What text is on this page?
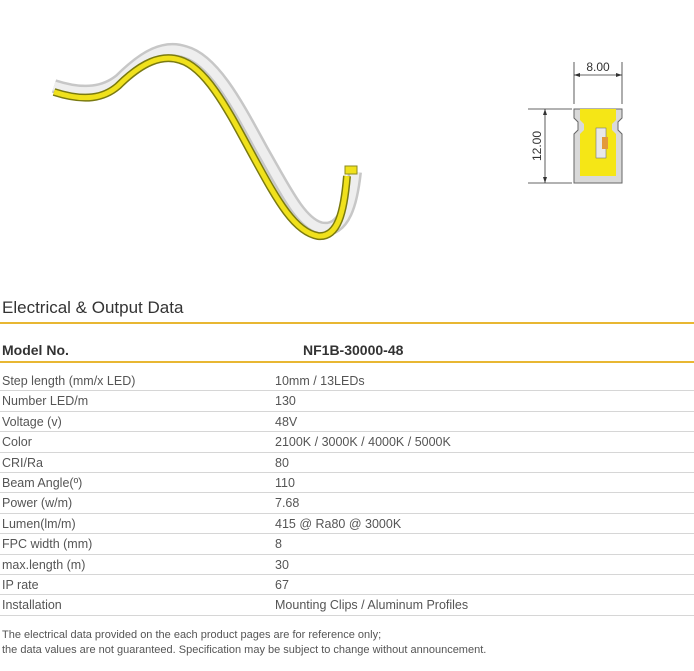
8.00
12.00
Electrical & Output Data
Model No.	NF1B-30000-48
Step length (mm/x LED)	10mm / 13LEDs
Number LED/m	130
Voltage (v)	48V
Color	2100K / 3000K / 4000K / 5000K
CRI/Ra	80
Beam Angle(º)	110
Power (w/m)	7.68
Lumen(lm/m)	415 @ Ra80 @ 3000K
FPC width (mm)	8
max.length (m)	30
IP rate	67
Installation	Mounting Clips / Aluminum Profiles
The electrical data provided on the each product pages are for reference only;
the data values are not guaranteed. Specification may be subject to change without announcement.
